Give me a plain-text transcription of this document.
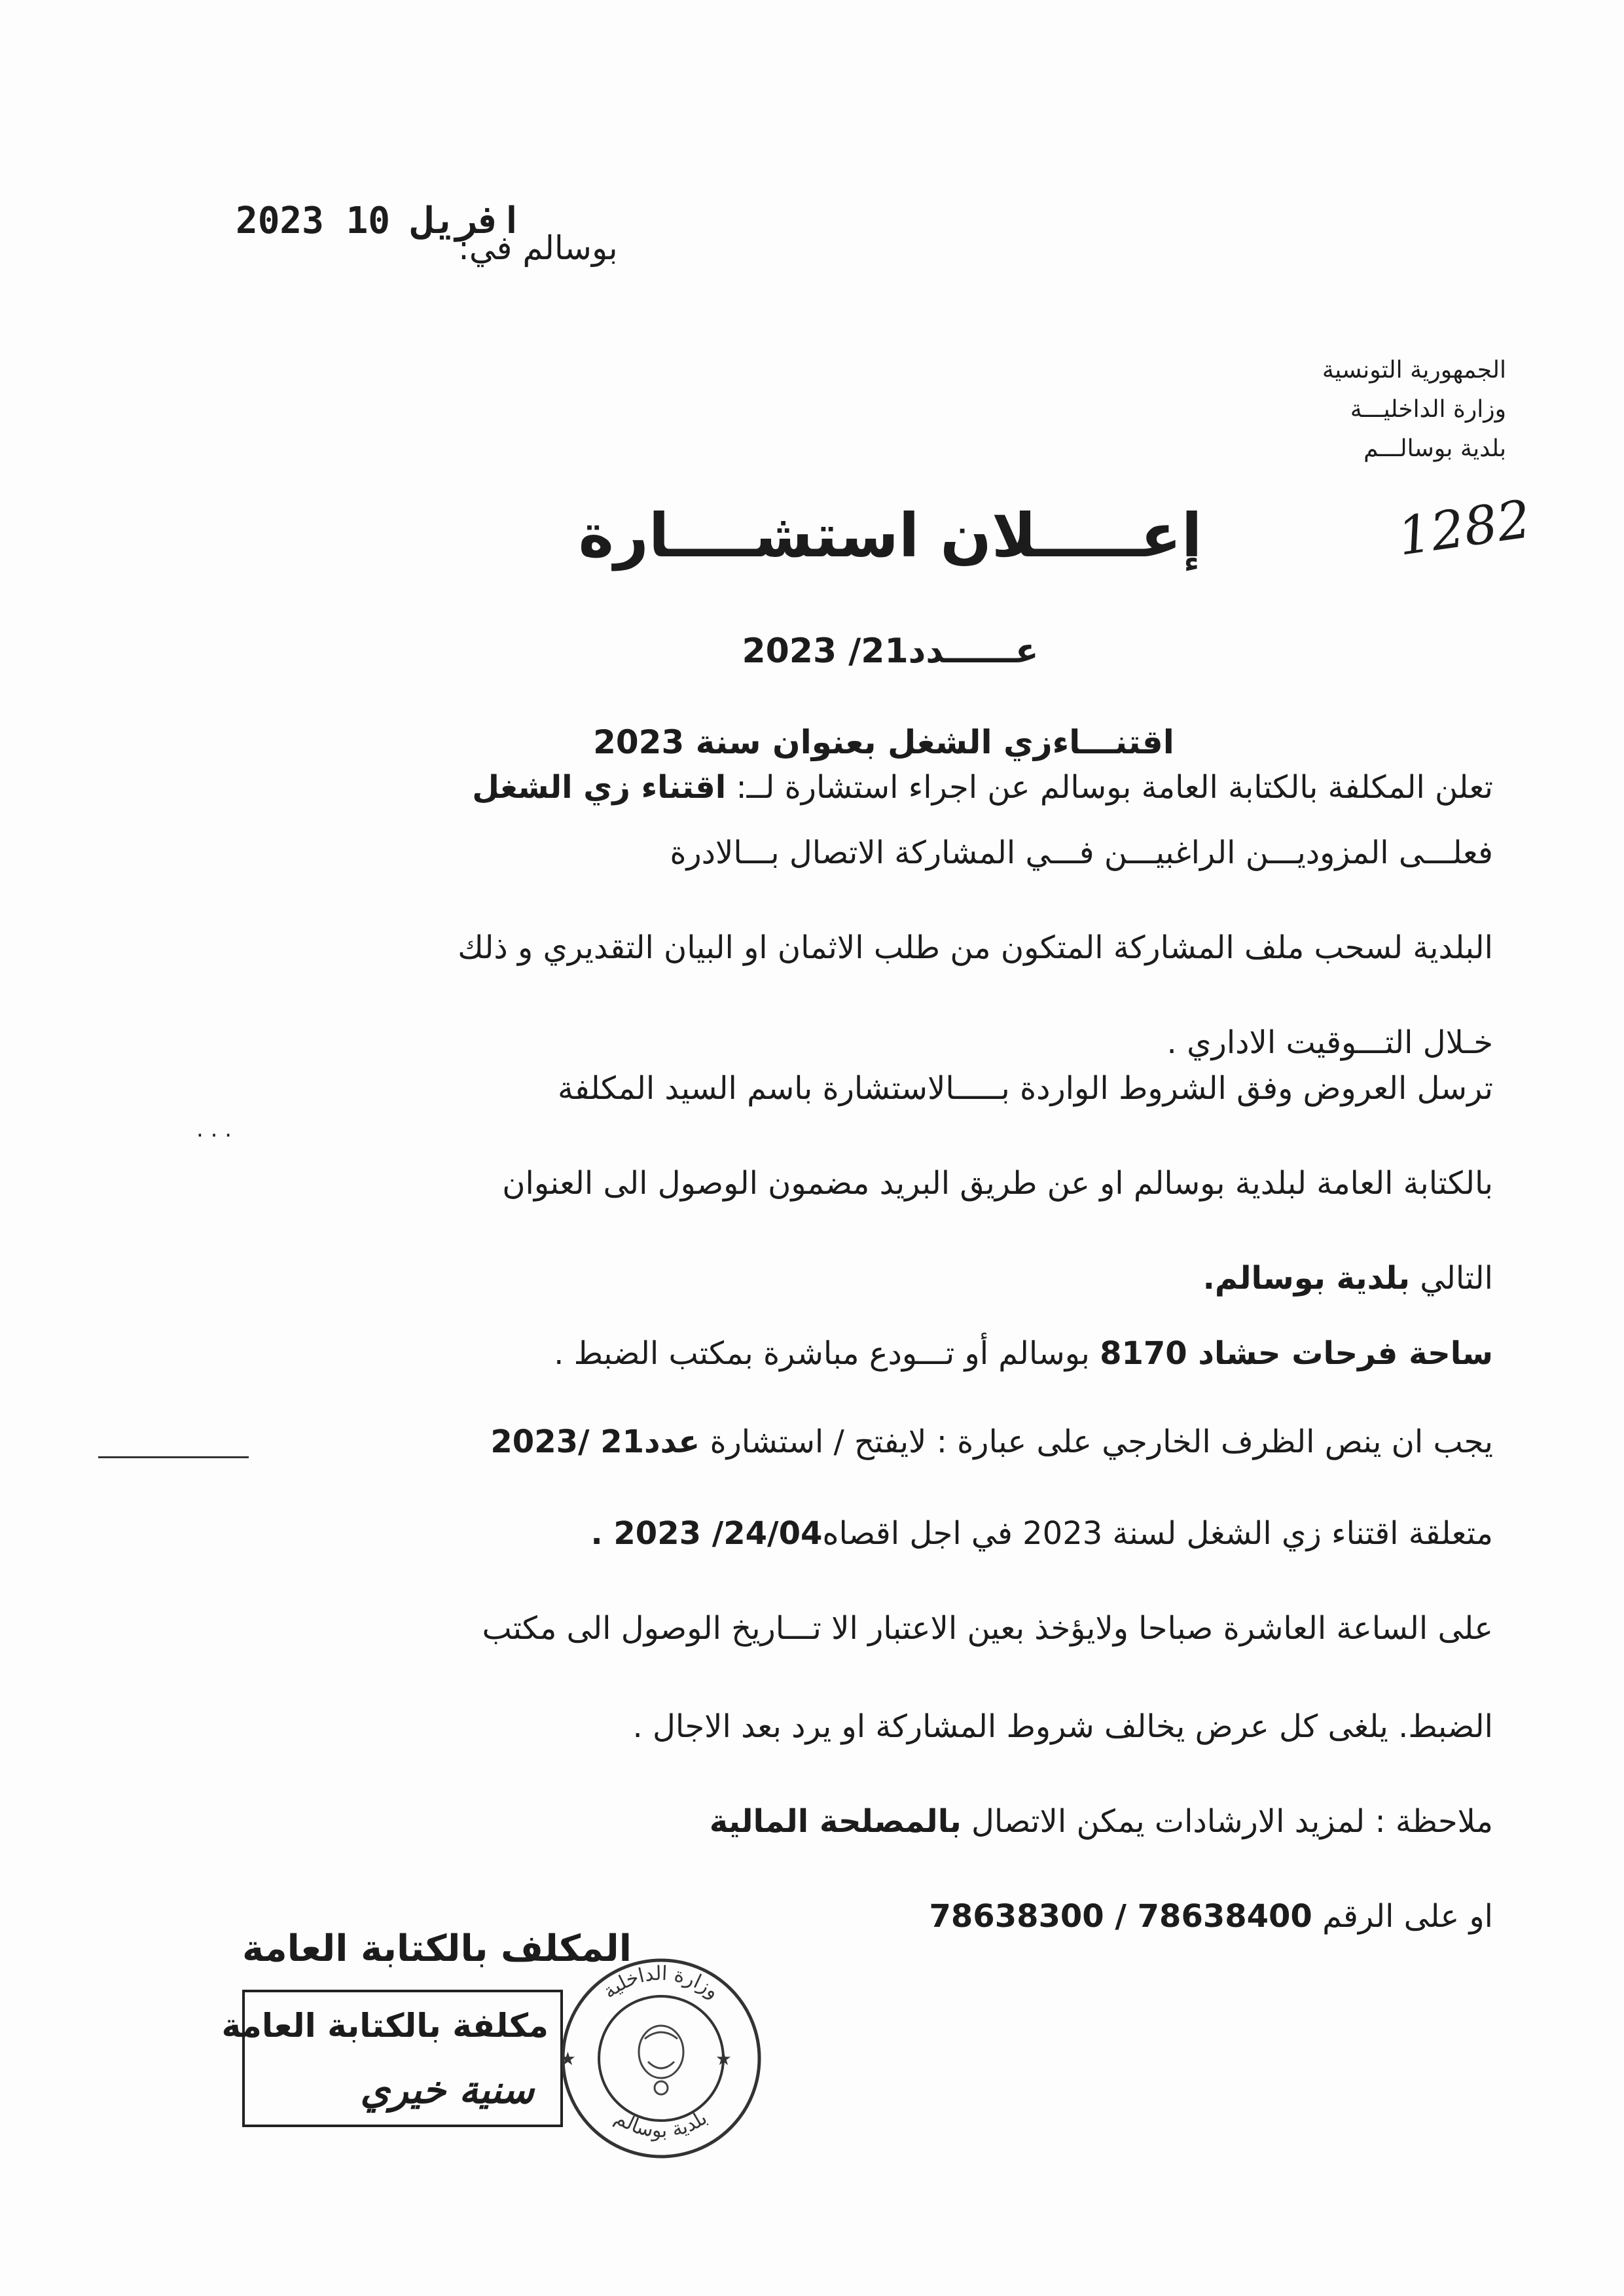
2023 افريل 10
بوسالم في:
الجمهورية التونسية
وزارة الداخليـــة
بلدية بوسالـــم
1282
إعـــــلان استشــــارة
عــــــدد21/ 2023
اقتنـــاءزي الشغل بعنوان سنة 2023
تعلن المكلفة بالكتابة العامة بوسالم عن اجراء استشارة لــ: اقتناء زي الشغل
فعلـــى المزوديـــن الراغبيـــن فـــي المشاركة الاتصال بـــالادرة
البلدية لسحب ملف المشاركة المتكون من طلب الاثمان او البيان التقديري و ذلك
خـلال التـــوقيت الاداري .
ترسل العروض وفق الشروط الواردة بـــــالاستشارة باسم السيد المكلفة
بالكتابة العامة لبلدية بوسالم او عن طريق البريد مضمون الوصول الى العنوان
التالي بلدية بوسالم.
ساحة فرحات حشاد 8170 بوسالم أو تـــودع مباشرة بمكتب الضبط .
يجب ان ينص الظرف الخارجي على عبارة : لايفتح / استشارة عدد21 /2023
متعلقة اقتناء زي الشغل لسنة 2023 في اجل اقصاه24/04/ 2023 .
على الساعة العاشرة صباحا ولايؤخذ بعين الاعتبار الا تـــاريخ الوصول الى مكتب
الضبط. يلغى كل عرض يخالف شروط المشاركة او يرد بعد الاجال .
ملاحظة : لمزيد الارشادات يمكن الاتصال بالمصلحة المالية
او على الرقم 78638300 / 78638400
· · ·
المكلف بالكتابة العامة
مكلفة بالكتابة العامة
سنية خيري
وزارة الداخلية
بلدية بوسالم
★	★
